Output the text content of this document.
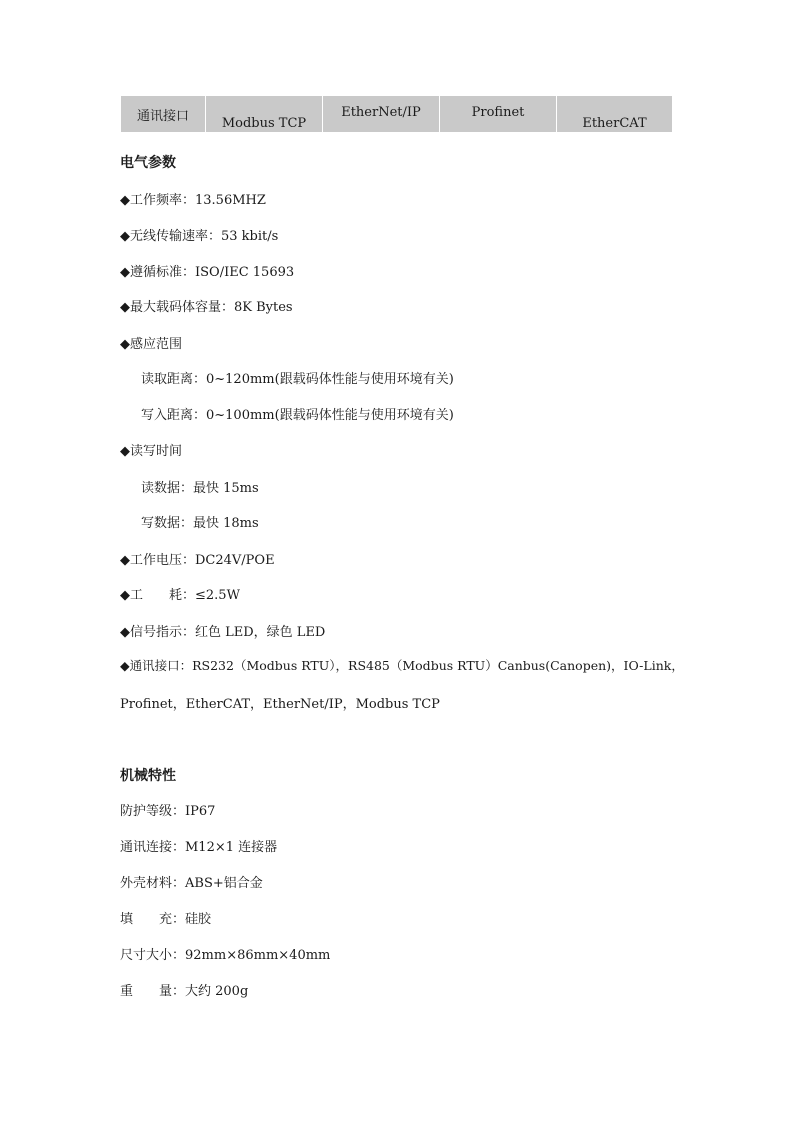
通讯接口	Modbus TCP
EtherNet/IP	Profinet
EtherCAT
电气参数
◆工作频率：13.56MHZ
◆无线传输速率：53 kbit/s
◆遵循标准：ISO/IEC 15693
◆最大载码体容量：8K Bytes
◆感应范围
读取距离：0~120mm(跟载码体性能与使用环境有关)
写入距离：0~100mm(跟载码体性能与使用环境有关)
◆读写时间
读数据：最快 15ms
写数据：最快 18ms
◆工作电压：DC24V/POE
◆工　　耗：≤2.5W
◆信号指示：红色 LED，绿色 LED
◆通讯接口：RS232（Modbus RTU），RS485（Modbus RTU）Canbus(Canopen)，IO-Link，
Profinet，EtherCAT，EtherNet/IP，Modbus TCP
机械特性
防护等级：IP67
通讯连接：M12×1 连接器
外壳材料：ABS+铝合金
填　　充：硅胶
尺寸大小：92mm×86mm×40mm
重　　量：大约 200g
